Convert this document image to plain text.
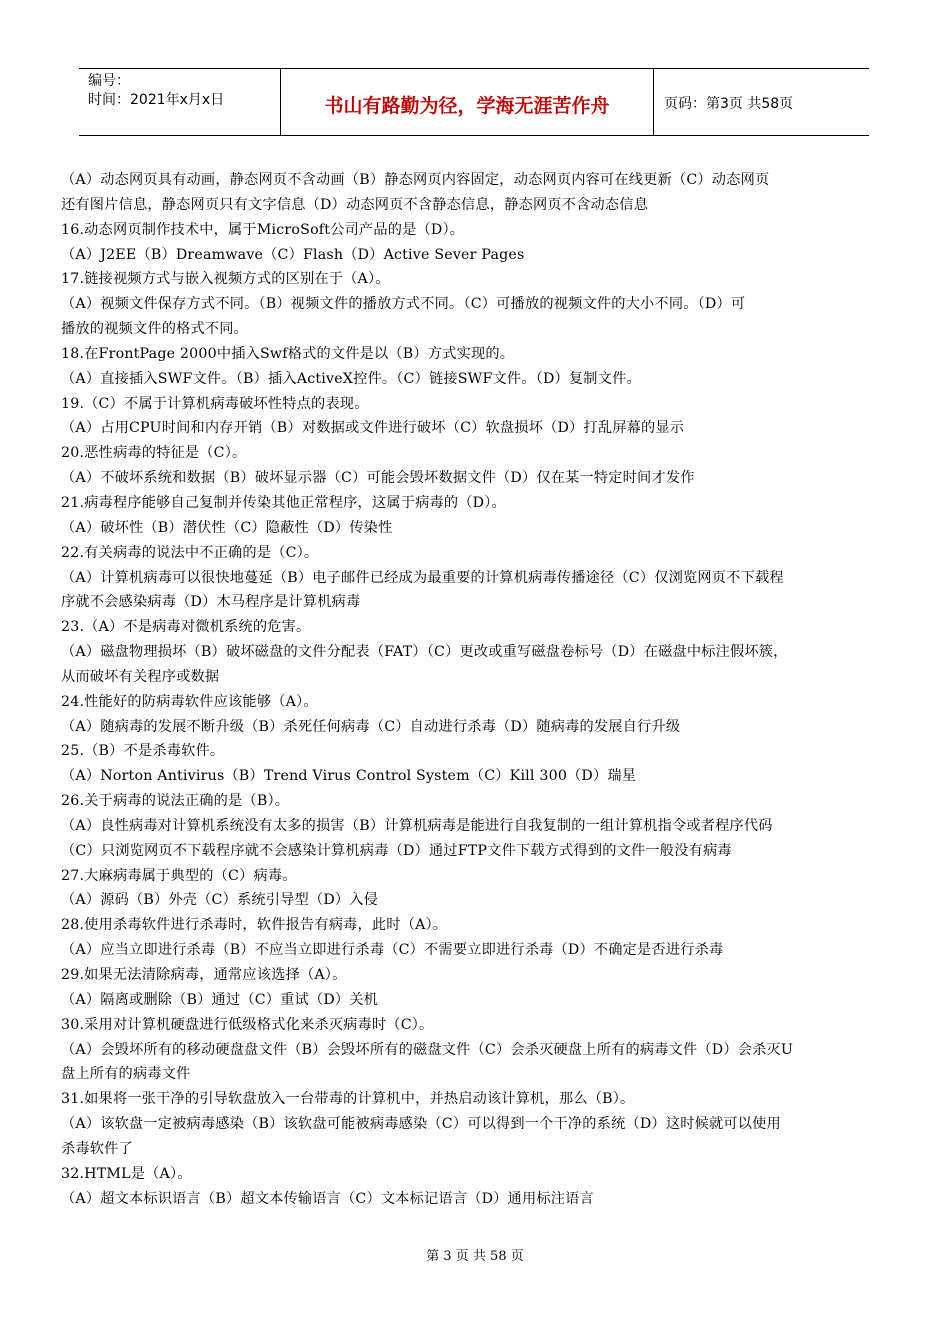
编号：
时间：2021年x月x日	书山有路勤为径，学海无涯苦作舟	页码：第3页 共58页
（A）动态网页具有动画，静态网页不含动画（B）静态网页内容固定，动态网页内容可在线更新（C）动态网页
还有图片信息，静态网页只有文字信息（D）动态网页不含静态信息，静态网页不含动态信息
16.动态网页制作技术中，属于MicroSoft公司产品的是（D）。
（A）J2EE（B）Dreamwave（C）Flash（D）Active Sever Pages
17.链接视频方式与嵌入视频方式的区别在于（A）。
（A）视频文件保存方式不同。（B）视频文件的播放方式不同。（C）可播放的视频文件的大小不同。（D）可
播放的视频文件的格式不同。
18.在FrontPage 2000中插入Swf格式的文件是以（B）方式实现的。
（A）直接插入SWF文件。（B）插入ActiveX控件。（C）链接SWF文件。（D）复制文件。
19.（C）不属于计算机病毒破坏性特点的表现。
（A）占用CPU时间和内存开销（B）对数据或文件进行破坏（C）软盘损坏（D）打乱屏幕的显示
20.恶性病毒的特征是（C）。
（A）不破坏系统和数据（B）破坏显示器（C）可能会毁坏数据文件（D）仅在某一特定时间才发作
21.病毒程序能够自己复制并传染其他正常程序，这属于病毒的（D）。
（A）破坏性（B）潜伏性（C）隐蔽性（D）传染性
22.有关病毒的说法中不正确的是（C）。
（A）计算机病毒可以很快地蔓延（B）电子邮件已经成为最重要的计算机病毒传播途径（C）仅浏览网页不下载程
序就不会感染病毒（D）木马程序是计算机病毒
23.（A）不是病毒对微机系统的危害。
（A）磁盘物理损坏（B）破坏磁盘的文件分配表（FAT）（C）更改或重写磁盘卷标号（D）在磁盘中标注假坏簇，
从而破坏有关程序或数据
24.性能好的防病毒软件应该能够（A）。
（A）随病毒的发展不断升级（B）杀死任何病毒（C）自动进行杀毒（D）随病毒的发展自行升级
25.（B）不是杀毒软件。
（A）Norton Antivirus（B）Trend Virus Control System（C）Kill 300（D）瑞星
26.关于病毒的说法正确的是（B）。
（A）良性病毒对计算机系统没有太多的损害（B）计算机病毒是能进行自我复制的一组计算机指令或者程序代码
（C）只浏览网页不下载程序就不会感染计算机病毒（D）通过FTP文件下载方式得到的文件一般没有病毒
27.大麻病毒属于典型的（C）病毒。
（A）源码（B）外壳（C）系统引导型（D）入侵
28.使用杀毒软件进行杀毒时，软件报告有病毒，此时（A）。
（A）应当立即进行杀毒（B）不应当立即进行杀毒（C）不需要立即进行杀毒（D）不确定是否进行杀毒
29.如果无法清除病毒，通常应该选择（A）。
（A）隔离或删除（B）通过（C）重试（D）关机
30.采用对计算机硬盘进行低级格式化来杀灭病毒时（C）。
（A）会毁坏所有的移动硬盘盘文件（B）会毁坏所有的磁盘文件（C）会杀灭硬盘上所有的病毒文件（D）会杀灭U
盘上所有的病毒文件
31.如果将一张干净的引导软盘放入一台带毒的计算机中，并热启动该计算机，那么（B）。
（A）该软盘一定被病毒感染（B）该软盘可能被病毒感染（C）可以得到一个干净的系统（D）这时候就可以使用
杀毒软件了
32.HTML是（A）。
（A）超文本标识语言（B）超文本传输语言（C）文本标记语言（D）通用标注语言
第 3 页 共 58 页
